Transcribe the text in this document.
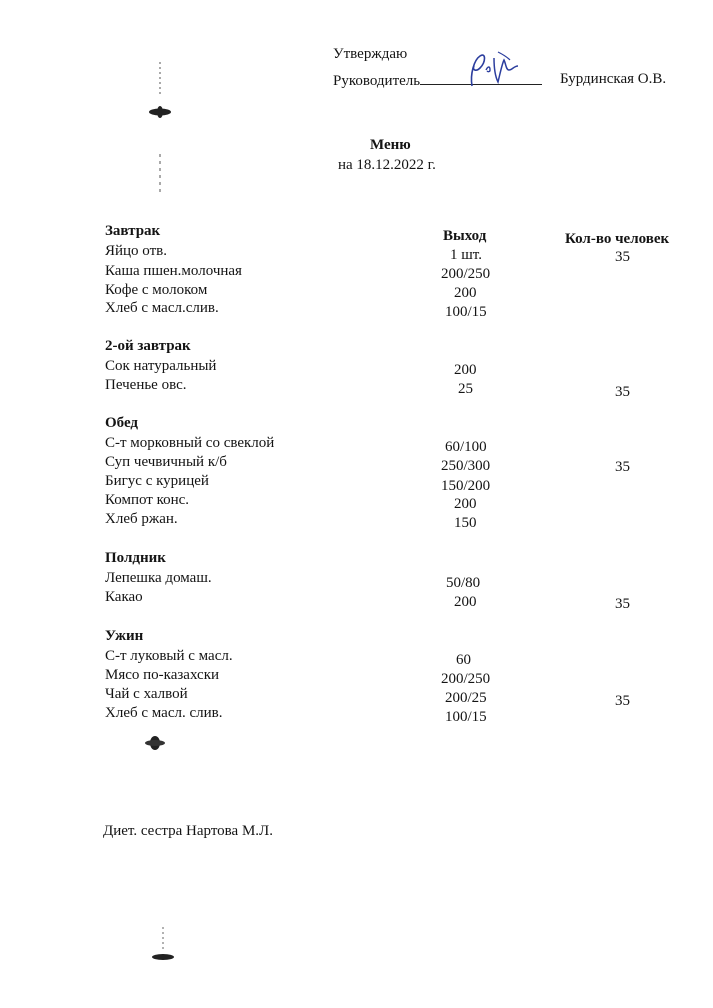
Утверждаю
Руководитель	Бурдинская О.В.
Меню
на 18.12.2022 г.
Выход	Кол-во человек
Завтрак
Яйцо отв.	1 шт.
Каша пшен.молочная	200/250
Кофе с молоком	200
Хлеб с масл.слив.	100/15
35
2-ой завтрак
Сок натуральный	200
Печенье овс.	25	35
Обед
С-т морковный со свеклой	60/100
Суп чечвичный к/б	250/300
Бигус с курицей	150/200
Компот конс.	200
Хлеб ржан.	150
35
Полдник
Лепешка домаш.	50/80
Какао	200	35
Ужин
С-т луковый с масл.	60
Мясо по-казахски	200/250
Чай с халвой	200/25
Хлеб с масл. слив.	100/15
35
Диет. сестра Нартова М.Л.
